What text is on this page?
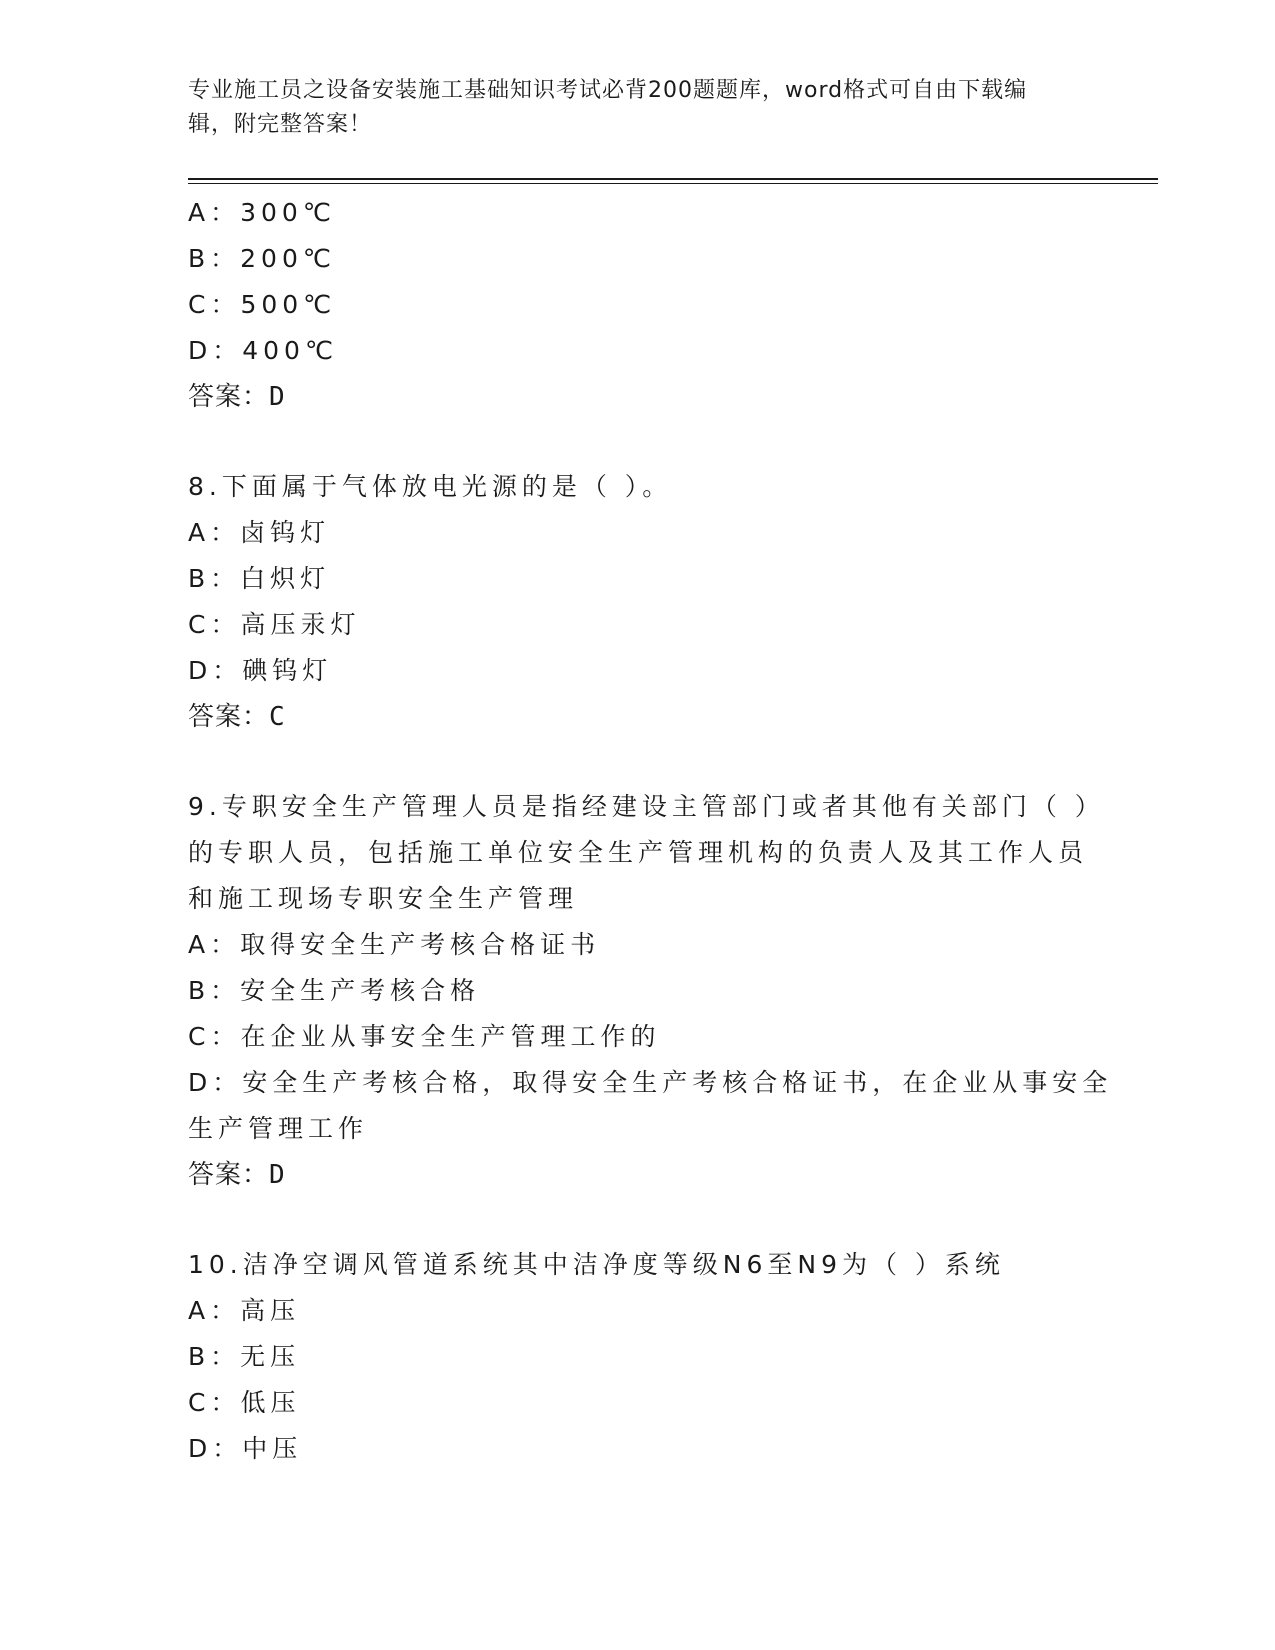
专业施工员之设备安装施工基础知识考试必背200题题库，word格式可自由下载编辑，附完整答案！
A：300℃
B：200℃
C：500℃
D：400℃
答案：D
8.下面属于气体放电光源的是（ ）。
A：卤钨灯
B：白炽灯
C：高压汞灯
D：碘钨灯
答案：C
9.专职安全生产管理人员是指经建设主管部门或者其他有关部门（ ）
的专职人员，包括施工单位安全生产管理机构的负责人及其工作人员
和施工现场专职安全生产管理
A：取得安全生产考核合格证书
B：安全生产考核合格
C：在企业从事安全生产管理工作的
D：安全生产考核合格，取得安全生产考核合格证书，在企业从事安全
生产管理工作
答案：D
10.洁净空调风管道系统其中洁净度等级N6至N9为（ ）系统
A：高压
B：无压
C：低压
D：中压
